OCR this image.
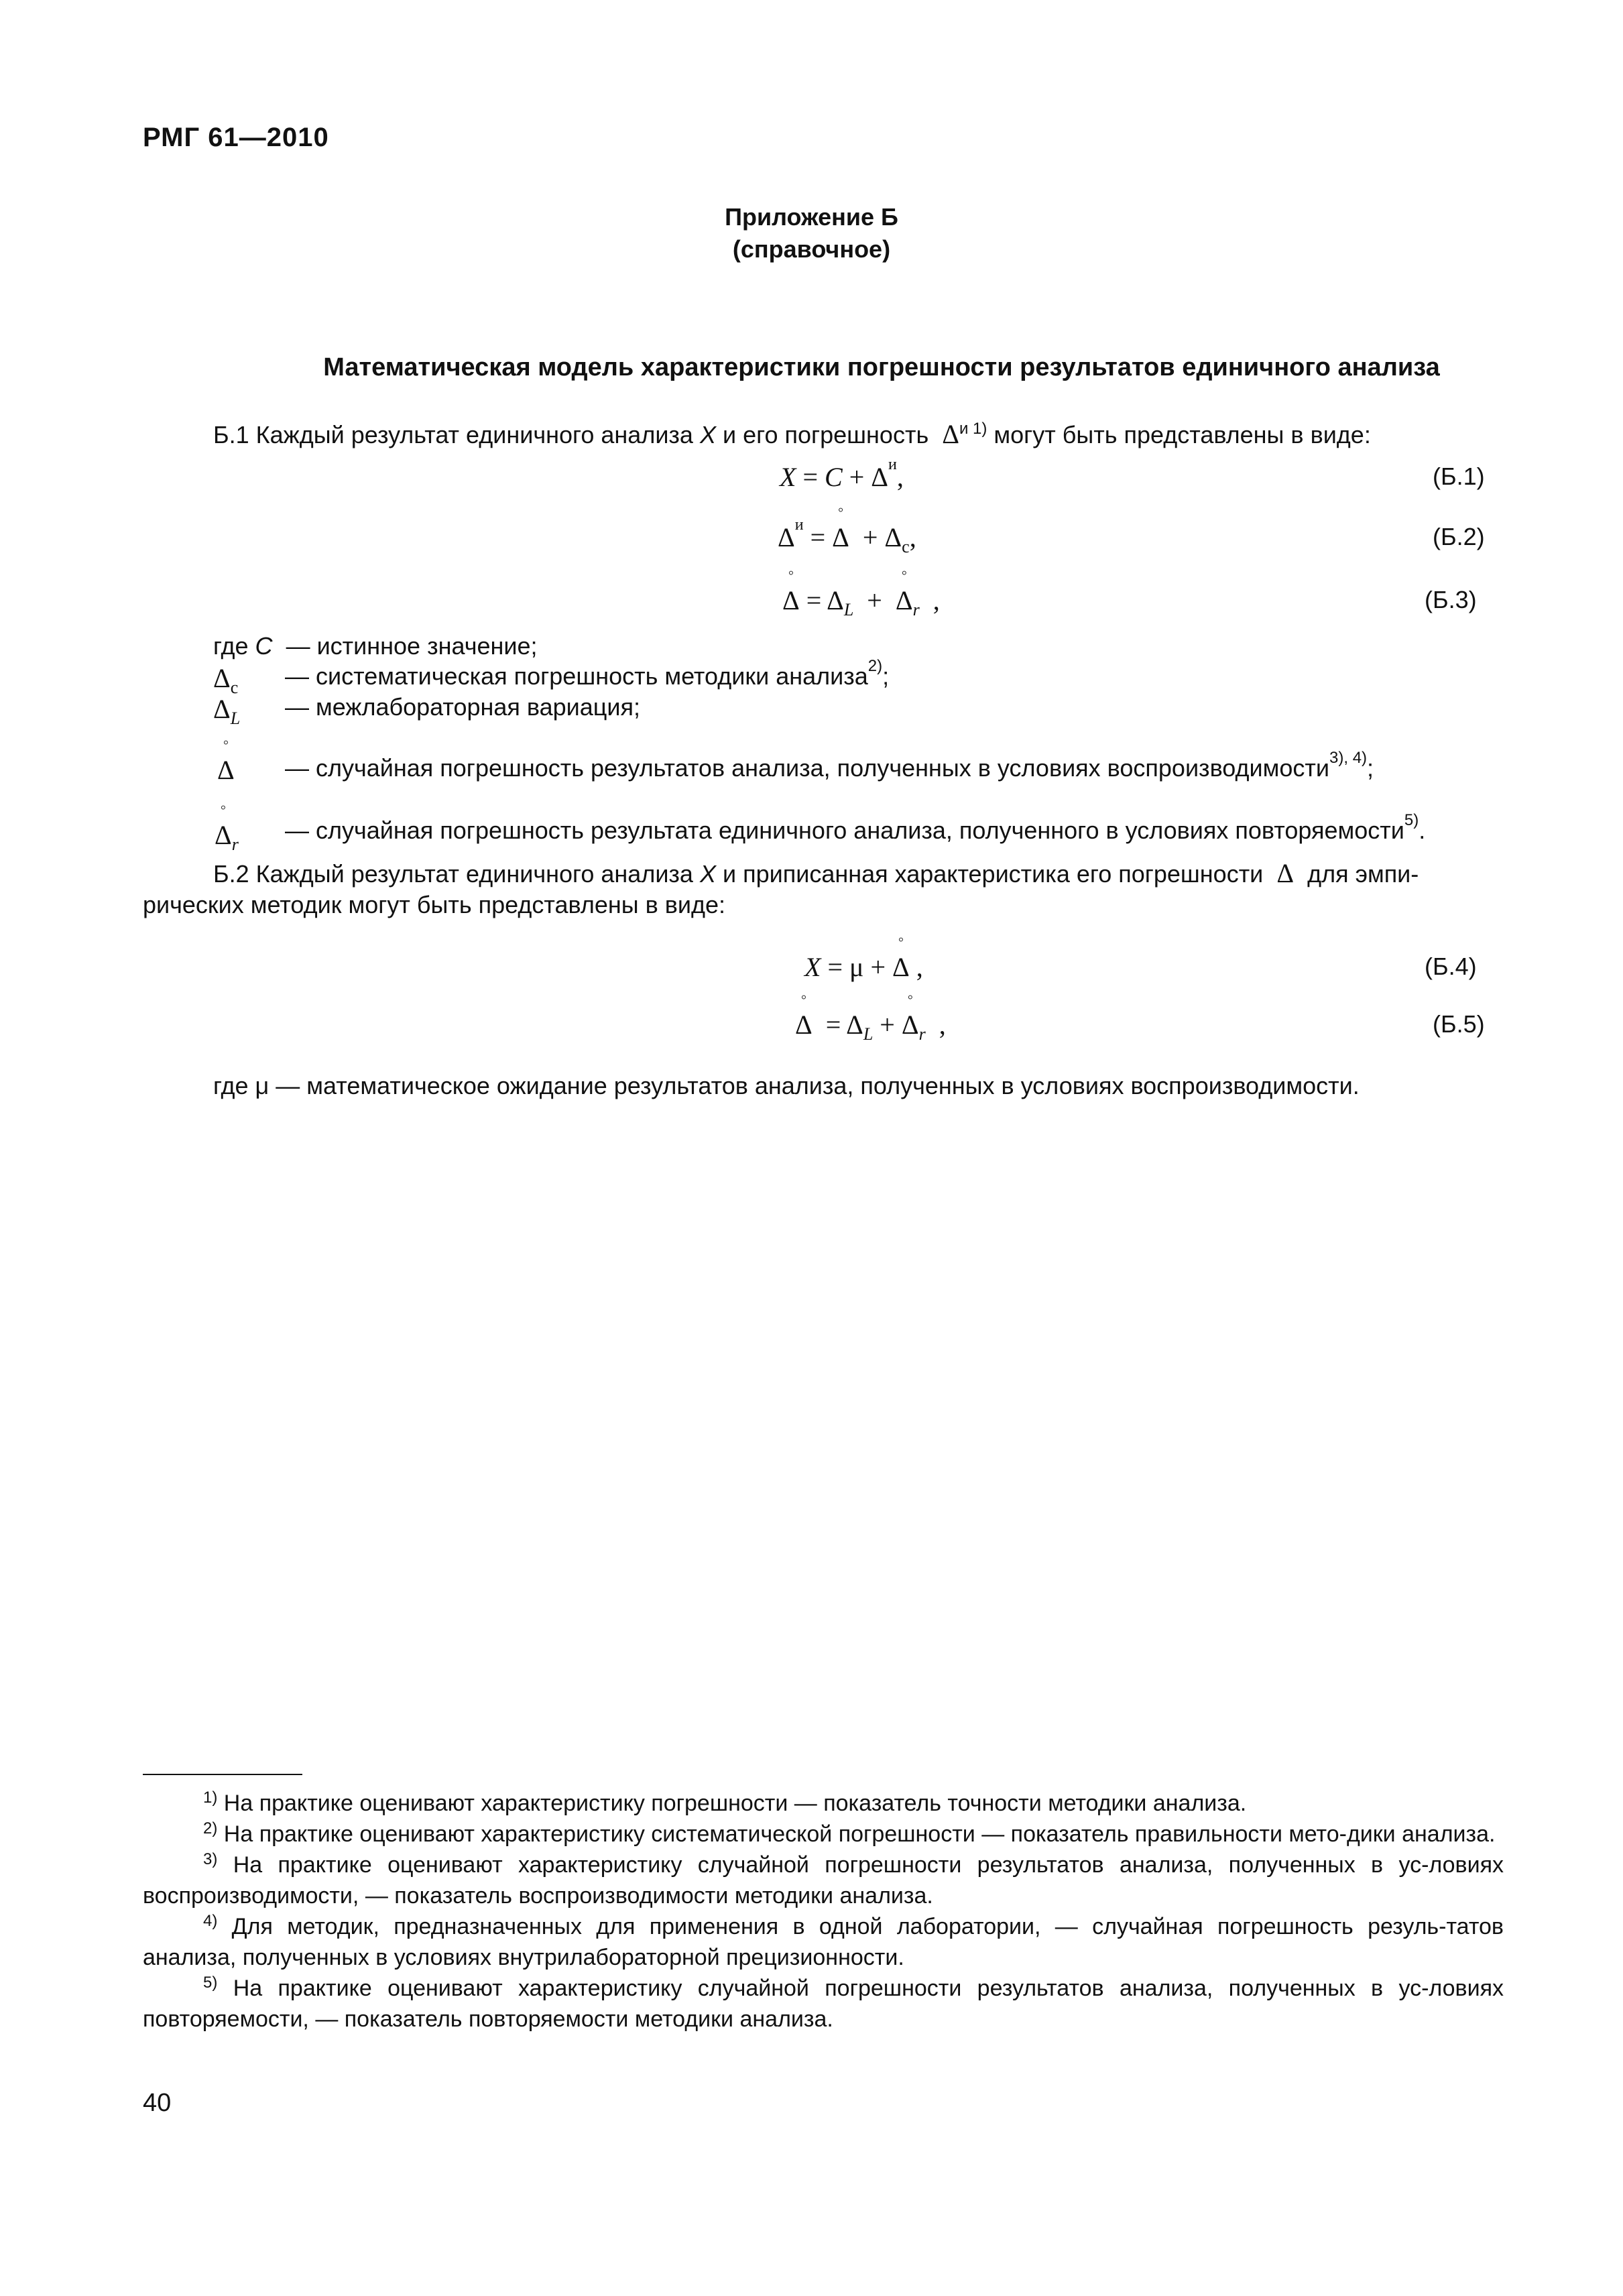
РМГ 61—2010
Приложение Б
(справочное)
Математическая модель характеристики погрешности результатов единичного анализа
Б.1 Каждый результат единичного анализа X и его погрешность  $\Delta^и$ $^{1)}$ могут быть представлены в виде:
$X = C + \Delta^и$,	(Б.1)
$\Delta^и$ = ◦ $\Delta + \Delta_с$,	(Б.2)
◦ $\Delta = \Delta_L$  +  ◦ $\Delta_r$  ,	(Б.3)
где C — истинное значение;
$\Delta_с$ — систематическая погрешность методики анализа$^{2)}$;
$\Delta_L$ — межлабораторная вариация;
◦ Δ — случайная погрешность результатов анализа, полученных в условиях воспроизводимости$^{3), 4)}$;
◦ $\Delta_r$
— случайная погрешность результата единичного анализа, полученного в условиях повторяемости$^{5)}$.
Б.2 Каждый результат единичного анализа X и приписанная характеристика его погрешности  Δ  для эмпи-
рических методик могут быть представлены в виде:
X = μ + ◦ Δ ,	(Б.4)
◦ $\Delta = \Delta_L$ + ◦ $\Delta_r$  ,	(Б.5)
где μ — математическое ожидание результатов анализа, полученных в условиях воспроизводимости.

$^{1)}$ На практике оценивают характеристику погрешности — показатель точности методики анализа.

$^{2)}$ На практике оценивают характеристику систематической погрешности — показатель правильности мето-дики анализа.

$^{3)}$ На практике оценивают характеристику случайной погрешности результатов анализа, полученных в ус-ловиях воспроизводимости, — показатель воспроизводимости методики анализа.

$^{4)}$ Для методик, предназначенных для применения в одной лаборатории, — случайная погрешность резуль-татов анализа, полученных в условиях внутрилабораторной прецизионности.

$^{5)}$ На практике оценивают характеристику случайной погрешности результатов анализа, полученных в ус-ловиях повторяемости, — показатель повторяемости методики анализа.

40
